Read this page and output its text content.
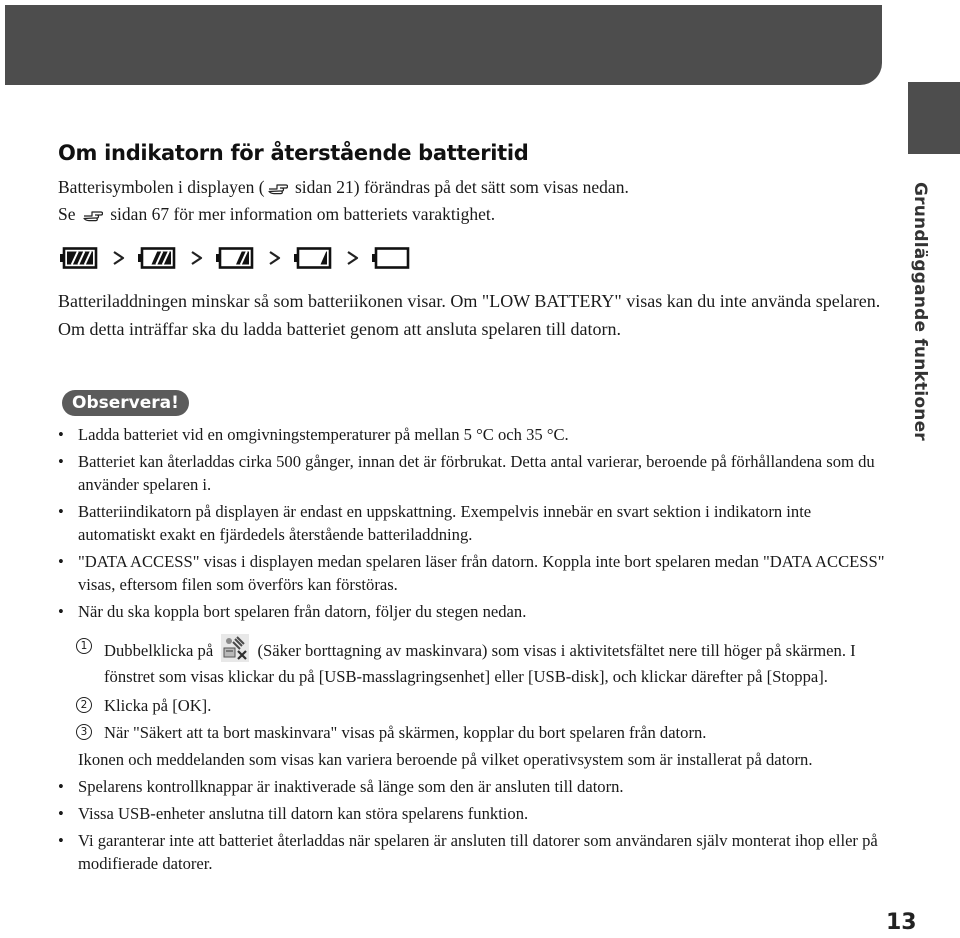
Grundläggande funktioner
Om indikatorn för återstående batteritid
Batterisymbolen i displayen ( sidan 21) förändras på det sätt som visas nedan.
Se  sidan 67 för mer information om batteriets varaktighet.
Batteriladdningen minskar så som batteriikonen visar. Om "LOW BATTERY" visas kan du inte använda spelaren. Om detta inträffar ska du ladda batteriet genom att ansluta spelaren till datorn.
Observera!
• Ladda batteriet vid en omgivningstemperaturer på mellan 5 °C och 35 °C.
• Batteriet kan återladdas cirka 500 gånger, innan det är förbrukat. Detta antal varierar, beroende på förhållandena som du använder spelaren i.
• Batteriindikatorn på displayen är endast en uppskattning. Exempelvis innebär en svart sektion i indikatorn inte automatiskt exakt en fjärdedels återstående batteriladdning.
• "DATA ACCESS" visas i displayen medan spelaren läser från datorn. Koppla inte bort spelaren medan "DATA ACCESS" visas, eftersom filen som överförs kan förstöras.
• När du ska koppla bort spelaren från datorn, följer du stegen nedan.
1 Dubbelklicka på	(Säker borttagning av maskinvara) som visas i aktivitetsfältet nere till höger på skärmen. I fönstret som visas klickar du på [USB-masslagringsenhet] eller [USB-disk], och klickar därefter på [Stoppa].
2 Klicka på [OK].
3 När "Säkert att ta bort maskinvara" visas på skärmen, kopplar du bort spelaren från datorn.
Ikonen och meddelanden som visas kan variera beroende på vilket operativsystem som är installerat på datorn.
• Spelarens kontrollknappar är inaktiverade så länge som den är ansluten till datorn.
• Vissa USB-enheter anslutna till datorn kan störa spelarens funktion.
• Vi garanterar inte att batteriet återladdas när spelaren är ansluten till datorer som användaren själv monterat ihop eller på modifierade datorer.
13
